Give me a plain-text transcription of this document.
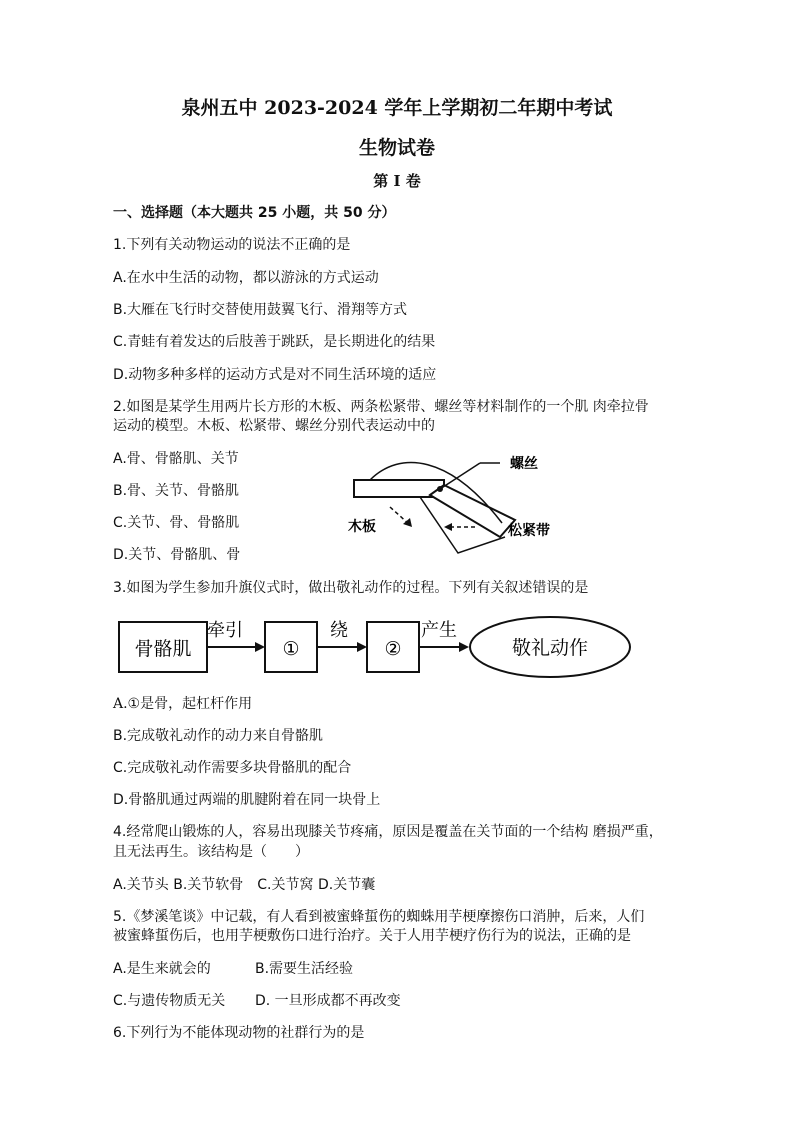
泉州五中 2023-2024 学年上学期初二年期中考试
生物试卷
第 I 卷
一、选择题（本大题共 25 小题，共 50 分）
1.下列有关动物运动的说法不正确的是
A.在水中生活的动物，都以游泳的方式运动
B.大雁在飞行时交替使用鼓翼飞行、滑翔等方式
C.青蛙有着发达的后肢善于跳跃，是长期进化的结果
D.动物多种多样的运动方式是对不同生活环境的适应
2.如图是某学生用两片长方形的木板、两条松紧带、螺丝等材料制作的一个肌 肉牵拉骨
运动的模型。木板、松紧带、螺丝分别代表运动中的
A.骨、骨骼肌、关节
B.骨、关节、骨骼肌
C.关节、骨、骨骼肌
D.关节、骨骼肌、骨
螺丝
木板	松紧带
3.如图为学生参加升旗仪式时，做出敬礼动作的过程。下列有关叙述错误的是
骨骼肌
牵引
①
绕
②
产生
敬礼动作
A.①是骨，起杠杆作用
B.完成敬礼动作的动力来自骨骼肌
C.完成敬礼动作需要多块骨骼肌的配合
D.骨骼肌通过两端的肌腱附着在同一块骨上
4.经常爬山锻炼的人，容易出现膝关节疼痛，原因是覆盖在关节面的一个结构 磨损严重，
且无法再生。该结构是（　　）
A.关节头 B.关节软骨　C.关节窝 D.关节囊
5.《梦溪笔谈》中记载，有人看到被蜜蜂蜇伤的蜘蛛用芋梗摩擦伤口消肿，后来，人们
被蜜蜂蜇伤后，也用芋梗敷伤口进行治疗。关于人用芋梗疗伤行为的说法，正确的是
A.是生来就会的	B.需要生活经验
C.与遗传物质无关 D. 一旦形成都不再改变
6.下列行为不能体现动物的社群行为的是
